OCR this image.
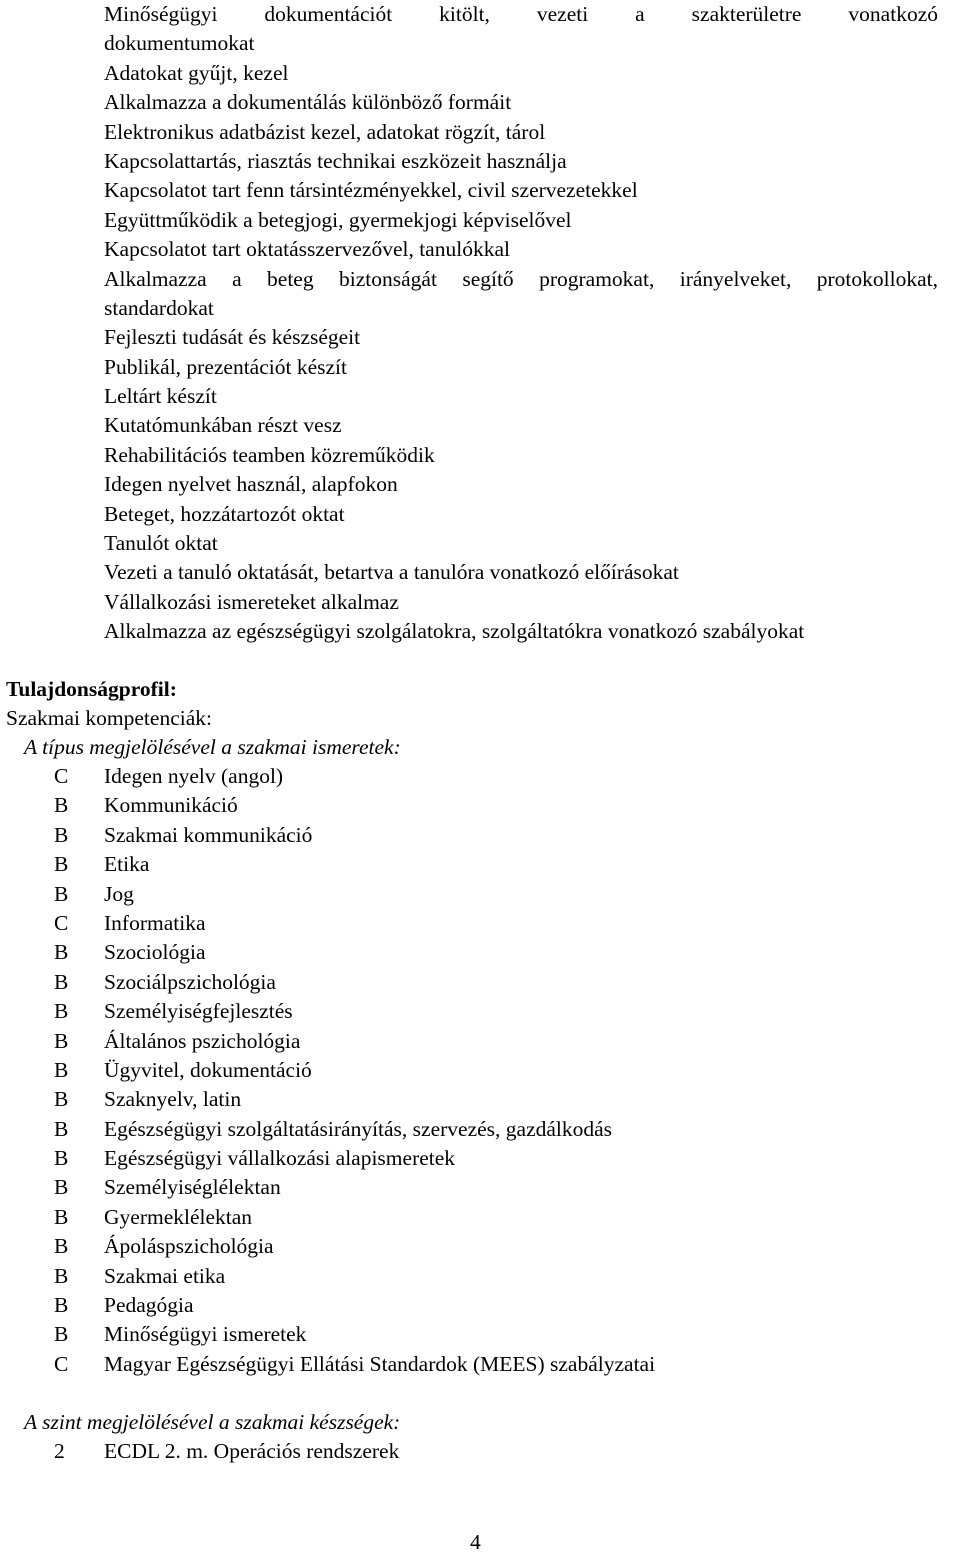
Minőségügyi dokumentációt kitölt, vezeti a szakterületre vonatkozó
dokumentumokat
Adatokat gyűjt, kezel
Alkalmazza a dokumentálás különböző formáit
Elektronikus adatbázist kezel, adatokat rögzít, tárol
Kapcsolattartás, riasztás technikai eszközeit használja
Kapcsolatot tart fenn társintézményekkel, civil szervezetekkel
Együttműködik a betegjogi, gyermekjogi képviselővel
Kapcsolatot tart oktatásszervezővel, tanulókkal
Alkalmazza a beteg biztonságát segítő programokat, irányelveket, protokollokat,
standardokat
Fejleszti tudását és készségeit
Publikál, prezentációt készít
Leltárt készít
Kutatómunkában részt vesz
Rehabilitációs teamben közreműködik
Idegen nyelvet használ, alapfokon
Beteget, hozzátartozót oktat
Tanulót oktat
Vezeti a tanuló oktatását, betartva a tanulóra vonatkozó előírásokat
Vállalkozási ismereteket alkalmaz
Alkalmazza az egészségügyi szolgálatokra, szolgáltatókra vonatkozó szabályokat
Tulajdonságprofil:
Szakmai kompetenciák:
A típus megjelölésével a szakmai ismeretek:
C Idegen nyelv (angol)
B Kommunikáció
B Szakmai kommunikáció
B Etika
B Jog
C Informatika
B Szociológia
B Szociálpszichológia
B Személyiségfejlesztés
B Általános pszichológia
B Ügyvitel, dokumentáció
B Szaknyelv, latin
B Egészségügyi szolgáltatásirányítás, szervezés, gazdálkodás
B Egészségügyi vállalkozási alapismeretek
B Személyiséglélektan
B Gyermeklélektan
B Ápoláspszichológia
B Szakmai etika
B Pedagógia
B Minőségügyi ismeretek
C Magyar Egészségügyi Ellátási Standardok (MEES) szabályzatai
A szint megjelölésével a szakmai készségek:
2	ECDL 2. m. Operációs rendszerek
4
